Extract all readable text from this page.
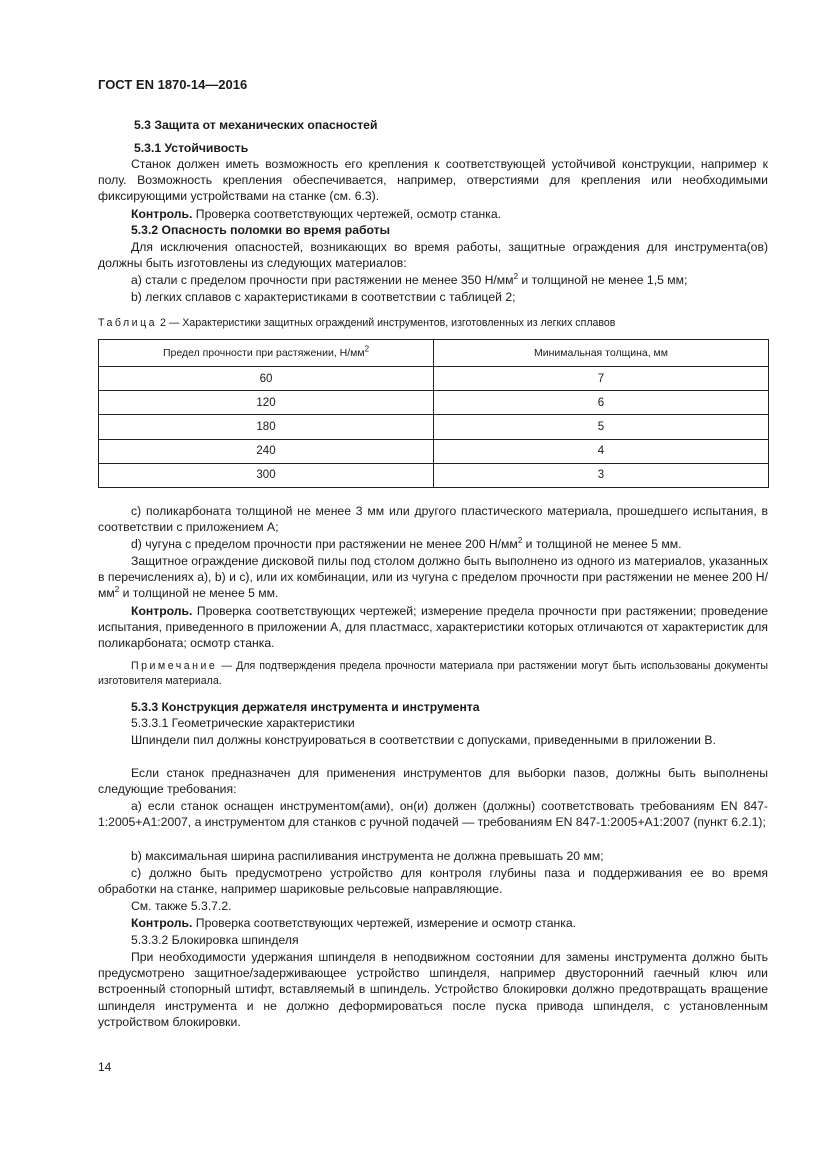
ГОСТ EN 1870-14—2016
5.3 Защита от механических опасностей
5.3.1 Устойчивость
Станок должен иметь возможность его крепления к соответствующей устойчивой конструкции, например к полу. Возможность крепления обеспечивается, например, отверстиями для крепления или необходимыми фиксирующими устройствами на станке (см. 6.3).
Контроль. Проверка соответствующих чертежей, осмотр станка.
5.3.2 Опасность поломки во время работы
Для исключения опасностей, возникающих во время работы, защитные ограждения для инструмента(ов) должны быть изготовлены из следующих материалов:
а) стали с пределом прочности при растяжении не менее 350 $Н/мм^2$ и толщиной не менее 1,5 мм;
b) легких сплавов с характеристиками в соответствии с таблицей 2;
Таблица 2 — Характеристики защитных ограждений инструментов, изготовленных из легких сплавов
Предел прочности при растяжении, $Н/мм^2$	Минимальная толщина, мм
60	7
120	6
180	5
240	4
300	3
с) поликарбоната толщиной не менее 3 мм или другого пластического материала, прошедшего испытания, в соответствии с приложением А;
d) чугуна с пределом прочности при растяжении не менее 200 $Н/мм^2$ и толщиной не менее 5 мм.
Защитное ограждение дисковой пилы под столом должно быть выполнено из одного из материалов, указанных в перечислениях а), b) и с), или их комбинации, или из чугуна с пределом прочности при растяжении не менее 200 $Н/мм^2$ и толщиной не менее 5 мм.
Контроль. Проверка соответствующих чертежей; измерение предела прочности при растяжении; проведение испытания, приведенного в приложении А, для пластмасс, характеристики которых отличаются от характеристик для поликарбоната; осмотр станка.
Примечание — Для подтверждения предела прочности материала при растяжении могут быть использованы документы изготовителя материала.
5.3.3 Конструкция держателя инструмента и инструмента
5.3.3.1 Геометрические характеристики
Шпиндели пил должны конструироваться в соответствии с допусками, приведенными в приложении В.
Если станок предназначен для применения инструментов для выборки пазов, должны быть выполнены следующие требования:
а) если станок оснащен инструментом(ами), он(и) должен (должны) соответствовать требованиям EN 847-1:2005+А1:2007, а инструментом для станков с ручной подачей — требованиям EN 847-1:2005+А1:2007 (пункт 6.2.1);
b) максимальная ширина распиливания инструмента не должна превышать 20 мм;
с) должно быть предусмотрено устройство для контроля глубины паза и поддерживания ее во время обработки на станке, например шариковые рельсовые направляющие.
См. также 5.3.7.2.
Контроль. Проверка соответствующих чертежей, измерение и осмотр станка.
5.3.3.2 Блокировка шпинделя
При необходимости удержания шпинделя в неподвижном состоянии для замены инструмента должно быть предусмотрено защитное/задерживающее устройство шпинделя, например двусторонний гаечный ключ или встроенный стопорный штифт, вставляемый в шпиндель. Устройство блокировки должно предотвращать вращение шпинделя инструмента и не должно деформироваться после пуска привода шпинделя, с установленным устройством блокировки.
14
